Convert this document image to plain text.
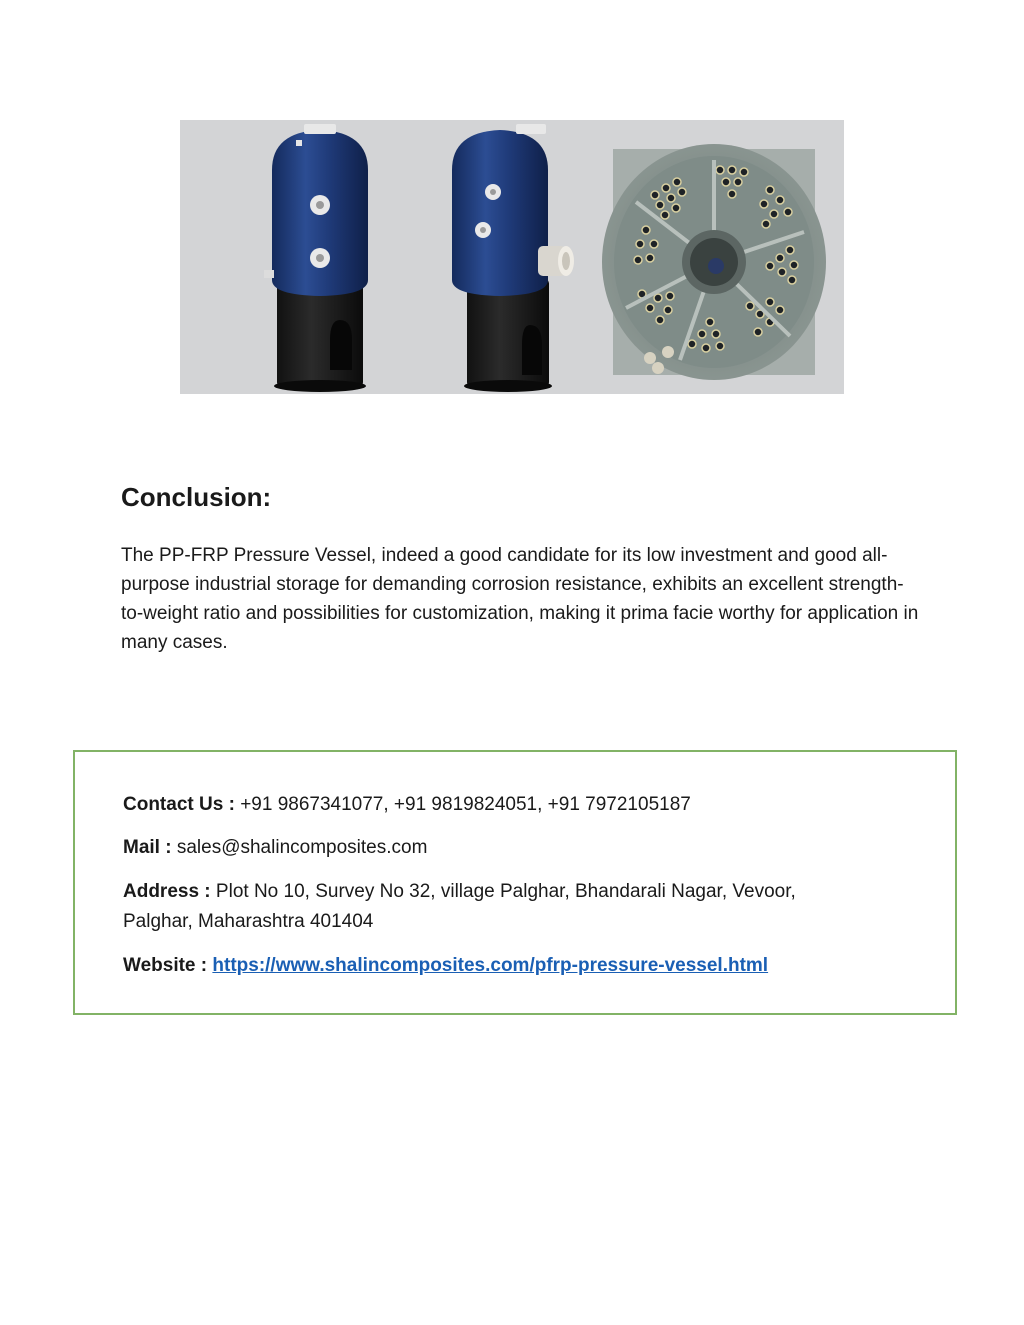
Conclusion:

The PP-FRP Pressure Vessel, indeed a good candidate for its low investment and good all-purpose industrial storage for demanding corrosion resistance, exhibits an excellent strength-to-weight ratio and possibilities for customization, making it prima facie worthy for application in many cases.

Contact Us : +91 9867341077, +91 9819824051, +91 7972105187
Mail : sales@shalincomposites.com
Address : Plot No 10, Survey No 32, village Palghar, Bhandarali Nagar, Vevoor,
Palghar, Maharashtra 401404
Website : https://www.shalincomposites.com/pfrp-pressure-vessel.html
